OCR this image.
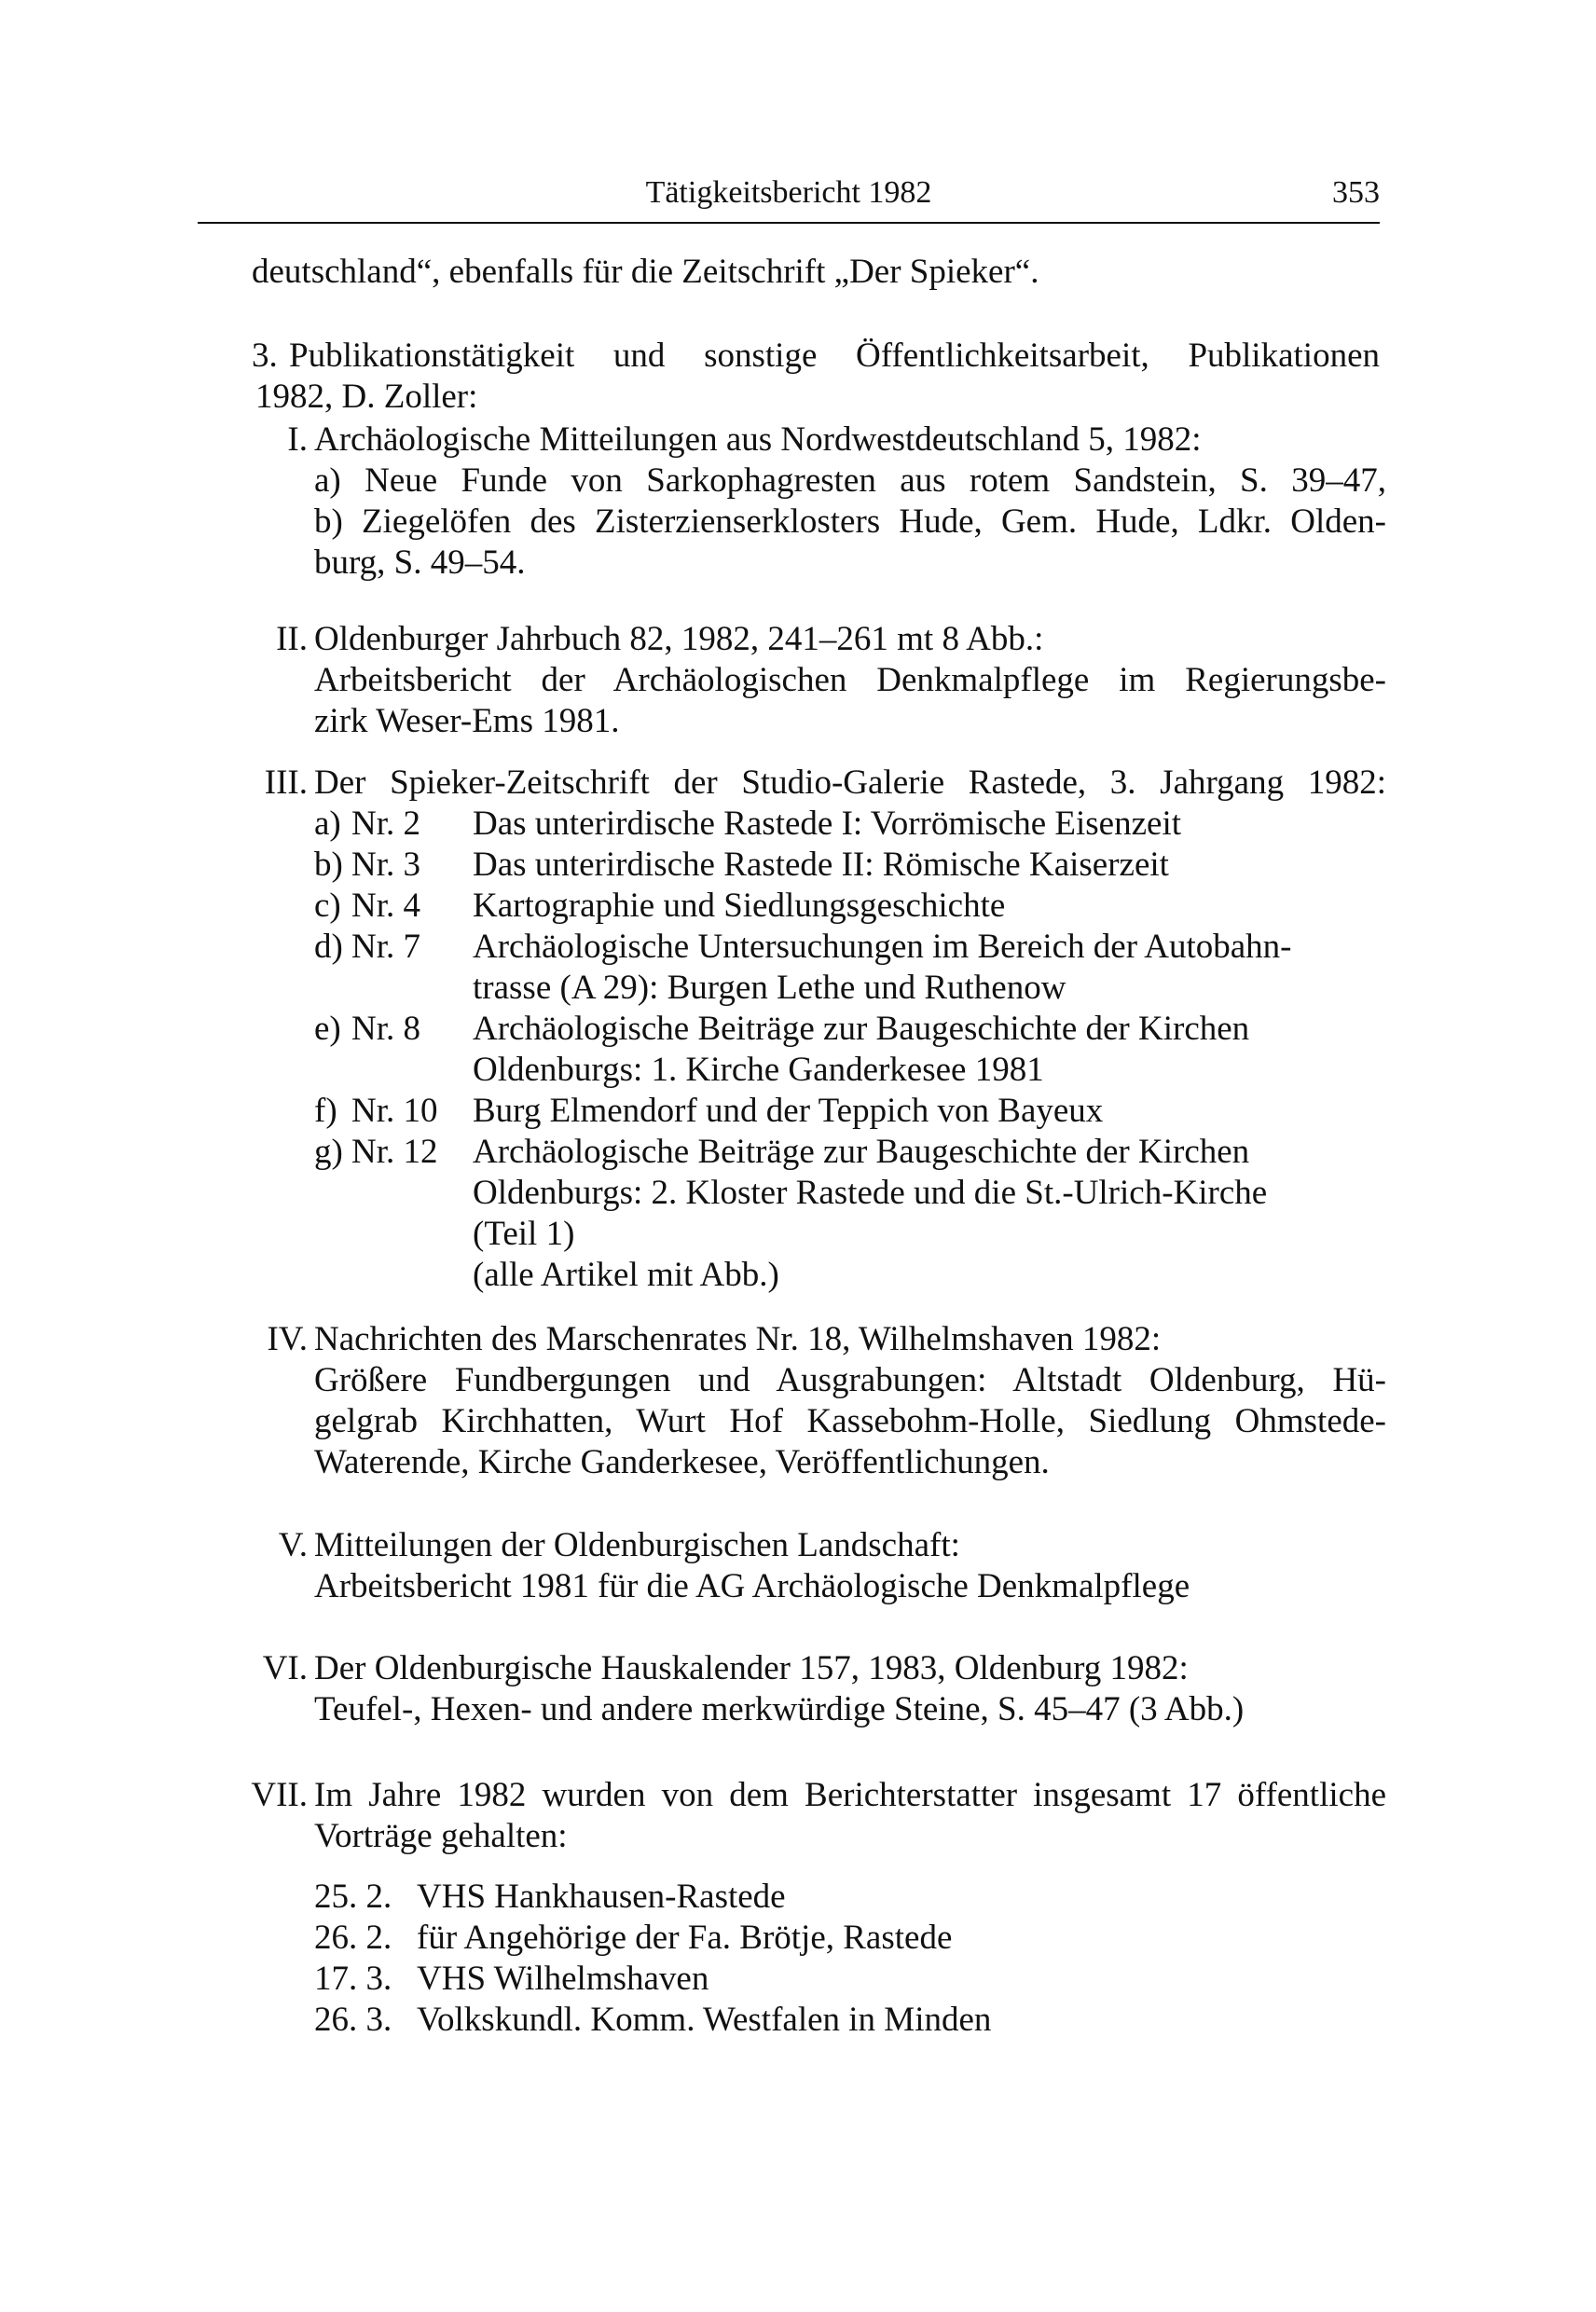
Tätigkeitsbericht 1982	353
deutschland“, ebenfalls für die Zeitschrift „Der Spieker“.
3. Publikationstätigkeit und sonstige Öffentlichkeitsarbeit, Publikationen
1982, D. Zoller:
I. Archäologische Mitteilungen aus Nordwestdeutschland 5, 1982:
a) Neue Funde von Sarkophagresten aus rotem Sandstein, S. 39–47,
b) Ziegelöfen des Zisterzienserklosters Hude, Gem. Hude, Ldkr. Olden-
burg, S. 49–54.
II. Oldenburger Jahrbuch 82, 1982, 241–261 mt 8 Abb.:
Arbeitsbericht der Archäologischen Denkmalpflege im Regierungsbe-
zirk Weser-Ems 1981.
III. Der Spieker-Zeitschrift der Studio-Galerie Rastede, 3. Jahrgang 1982:
a) Nr. 2	Das unterirdische Rastede I: Vorrömische Eisenzeit
b) Nr. 3	Das unterirdische Rastede II: Römische Kaiserzeit
c) Nr. 4	Kartographie und Siedlungsgeschichte
d) Nr. 7	Archäologische Untersuchungen im Bereich der Autobahn-
trasse (A 29): Burgen Lethe und Ruthenow
e) Nr. 8	Archäologische Beiträge zur Baugeschichte der Kirchen
Oldenburgs: 1. Kirche Ganderkesee 1981
f) Nr. 10	Burg Elmendorf und der Teppich von Bayeux
g) Nr. 12	Archäologische Beiträge zur Baugeschichte der Kirchen
Oldenburgs: 2. Kloster Rastede und die St.-Ulrich-Kirche
(Teil 1)
(alle Artikel mit Abb.)
IV. Nachrichten des Marschenrates Nr. 18, Wilhelmshaven 1982:
Größere Fundbergungen und Ausgrabungen: Altstadt Oldenburg, Hü-
gelgrab Kirchhatten, Wurt Hof Kassebohm-Holle, Siedlung Ohmstede-
Waterende, Kirche Ganderkesee, Veröffentlichungen.
V. Mitteilungen der Oldenburgischen Landschaft:
Arbeitsbericht 1981 für die AG Archäologische Denkmalpflege
VI. Der Oldenburgische Hauskalender 157, 1983, Oldenburg 1982:
Teufel-, Hexen- und andere merkwürdige Steine, S. 45–47 (3 Abb.)
VII. Im Jahre 1982 wurden von dem Berichterstatter insgesamt 17 öffentliche
Vorträge gehalten:
25. 2. VHS Hankhausen-Rastede
26. 2. für Angehörige der Fa. Brötje, Rastede
17. 3. VHS Wilhelmshaven
26. 3. Volkskundl. Komm. Westfalen in Minden
